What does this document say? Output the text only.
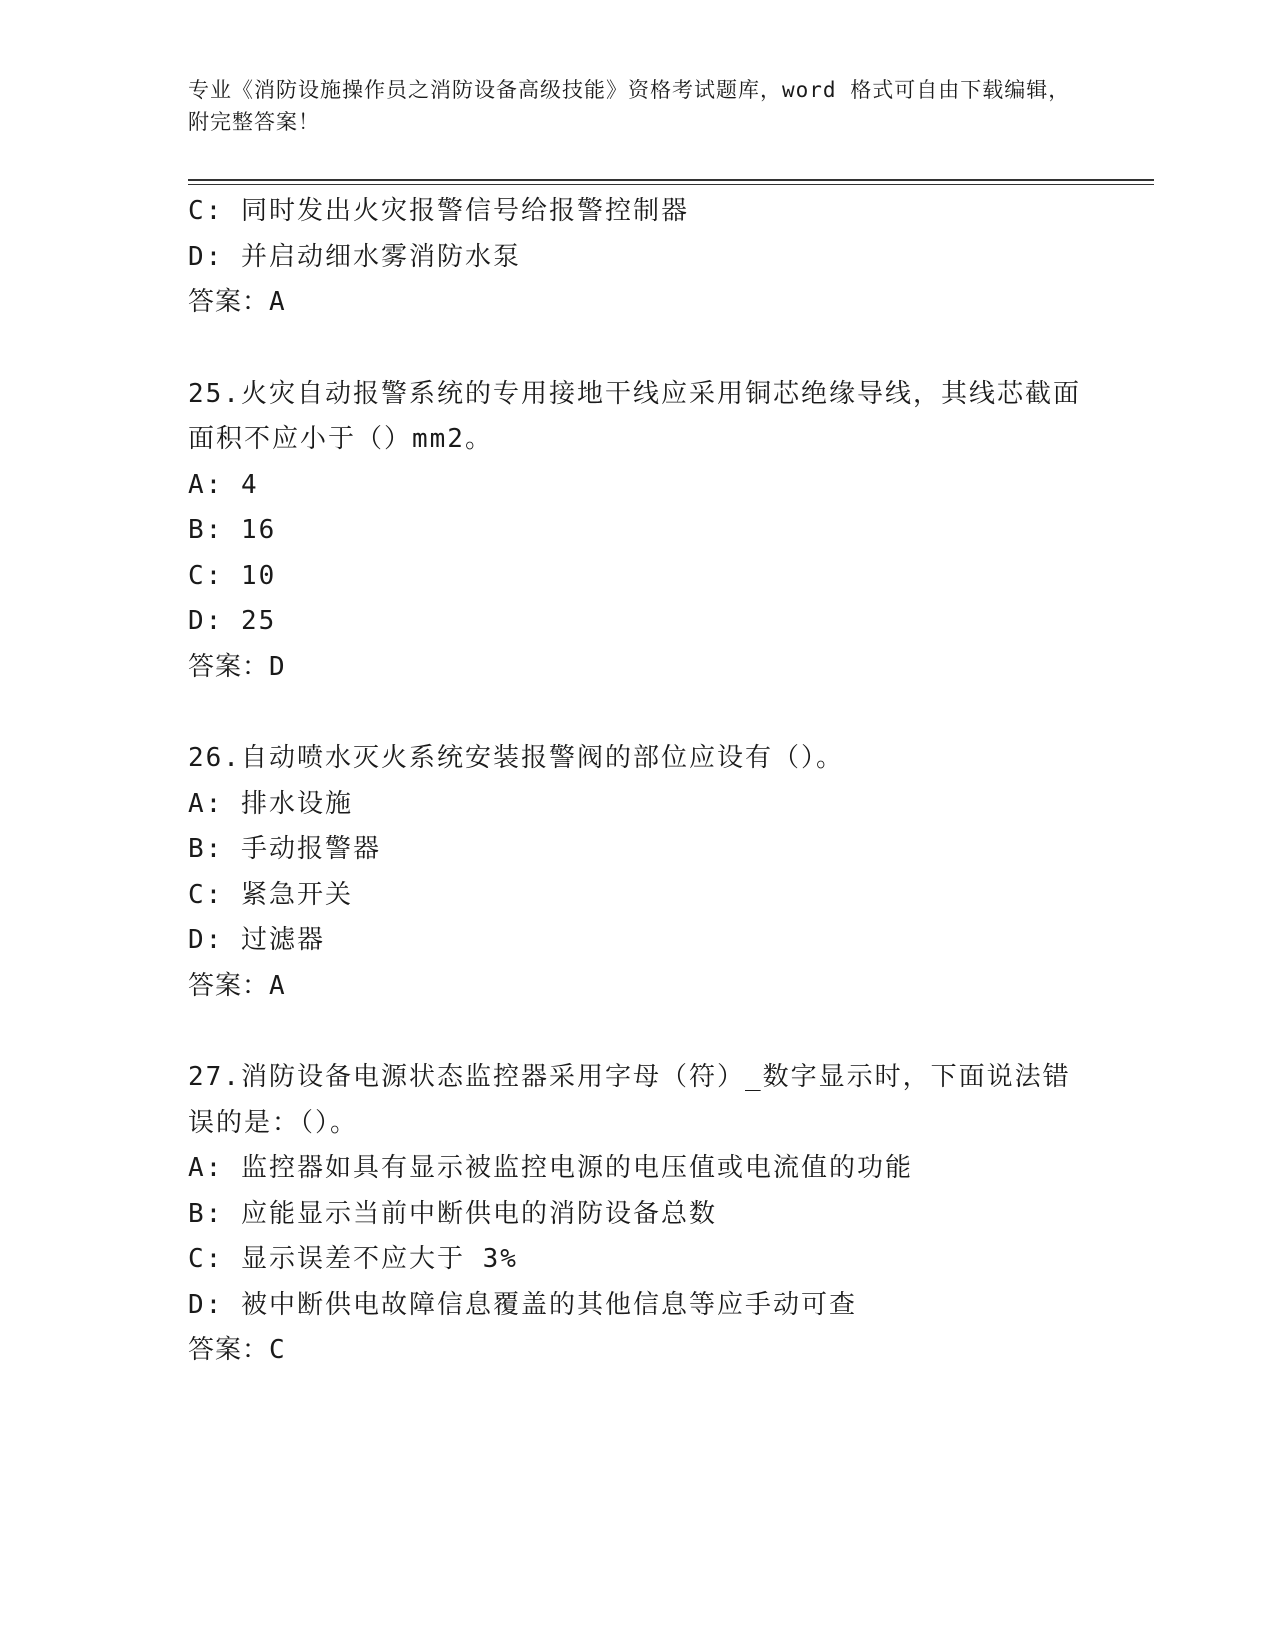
专业《消防设施操作员之消防设备高级技能》资格考试题库，word 格式可自由下载编辑，附完整答案！
C: 同时发出火灾报警信号给报警控制器
D: 并启动细水雾消防水泵
答案：A
25.火灾自动报警系统的专用接地干线应采用铜芯绝缘导线，其线芯截面面积不应小于（）mm2。
A: 4
B: 16
C: 10
D: 25
答案：D
26.自动喷水灭火系统安装报警阀的部位应设有（）。
A: 排水设施
B: 手动报警器
C: 紧急开关
D: 过滤器
答案：A
27.消防设备电源状态监控器采用字母（符）_数字显示时，下面说法错误的是：（）。
A: 监控器如具有显示被监控电源的电压值或电流值的功能
B: 应能显示当前中断供电的消防设备总数
C: 显示误差不应大于 3%
D: 被中断供电故障信息覆盖的其他信息等应手动可查
答案：C
